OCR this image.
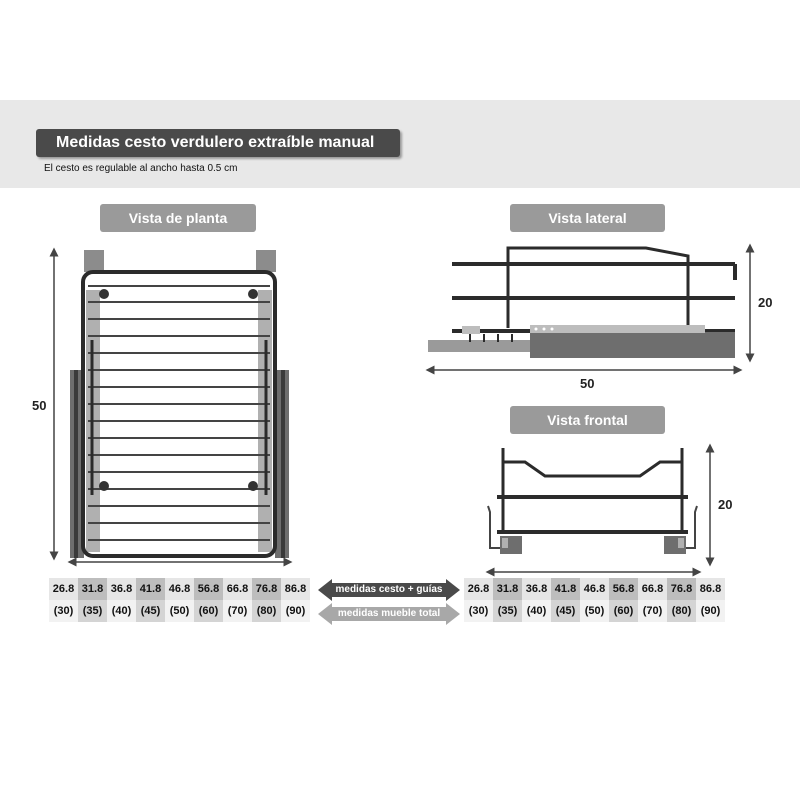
Medidas cesto verdulero extraíble manual
El cesto es regulable al ancho hasta 0.5 cm
Vista de planta	Vista lateral
Vista frontal
50
20
50
20
medidas cesto + guías
medidas mueble total
26.8	31.8	36.8	41.8	46.8	56.8	66.8	76.8	86.8
(30)	(35)	(40)	(45)	(50)	(60)	(70)	(80)	(90)
26.8	31.8	36.8	41.8	46.8	56.8	66.8	76.8	86.8
(30)	(35)	(40)	(45)	(50)	(60)	(70)	(80)	(90)
